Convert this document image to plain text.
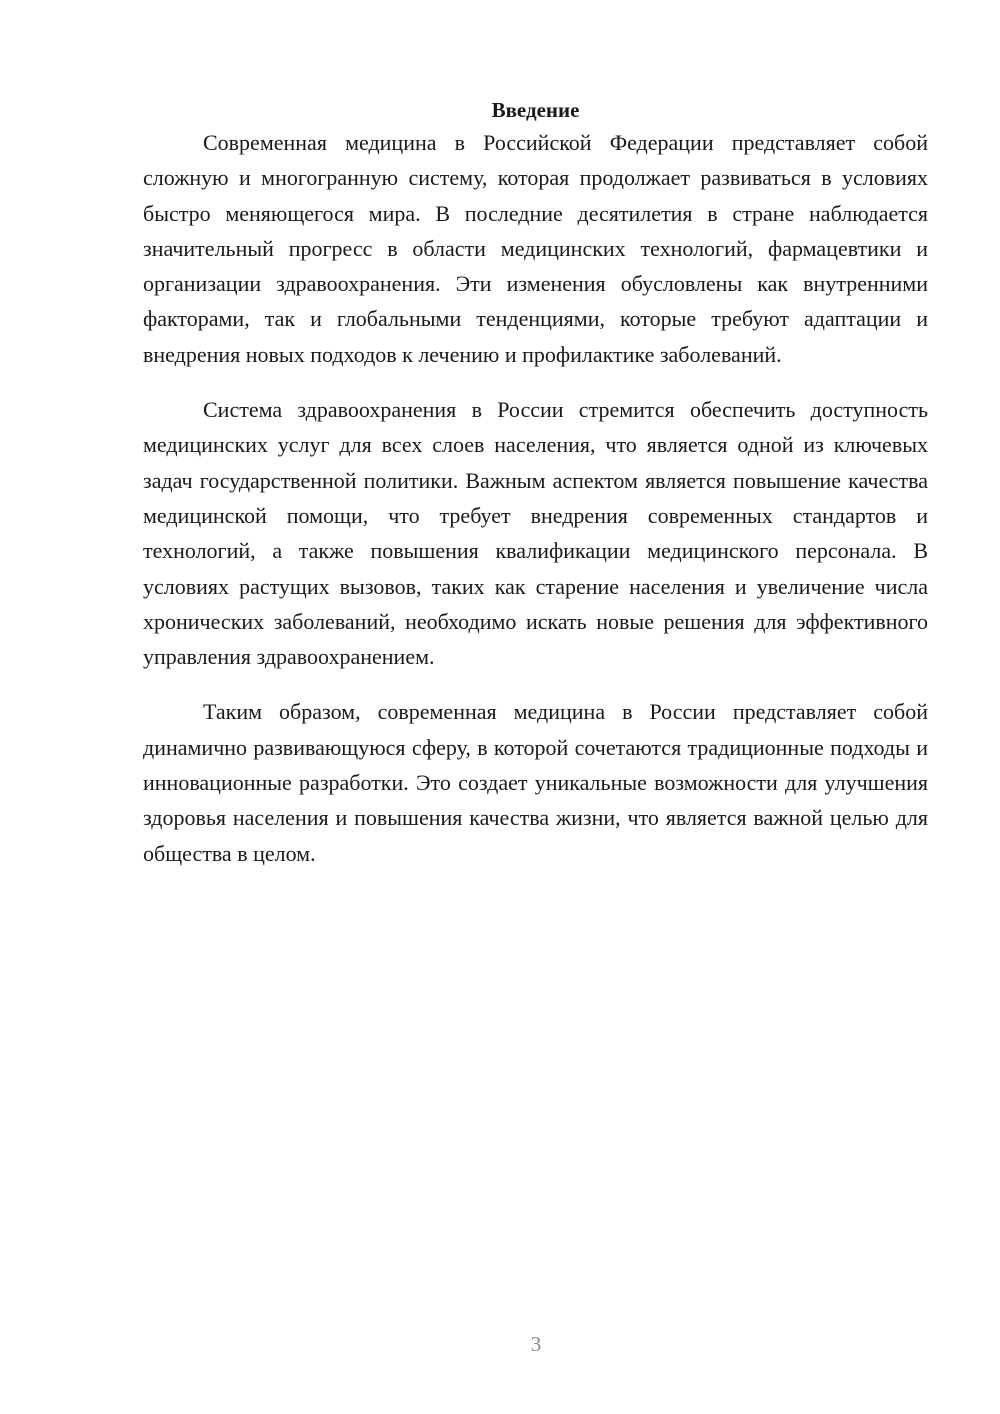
Введение

Современная медицина в Российской Федерации представляет собой сложную и многогранную систему, которая продолжает развиваться в условиях быстро меняющегося мира. В последние десятилетия в стране наблюдается значительный прогресс в области медицинских технологий, фармацевтики и организации здравоохранения. Эти изменения обусловлены как внутренними факторами, так и глобальными тенденциями, которые требуют адаптации и внедрения новых подходов к лечению и профилактике заболеваний.

Система здравоохранения в России стремится обеспечить доступность медицинских услуг для всех слоев населения, что является одной из ключевых задач государственной политики. Важным аспектом является повышение качества медицинской помощи, что требует внедрения современных стандартов и технологий, а также повышения квалификации медицинского персонала. В условиях растущих вызовов, таких как старение населения и увеличение числа хронических заболеваний, необходимо искать новые решения для эффективного управления здравоохранением.

Таким образом, современная медицина в России представляет собой динамично развивающуюся сферу, в которой сочетаются традиционные подходы и инновационные разработки. Это создает уникальные возможности для улучшения здоровья населения и повышения качества жизни, что является важной целью для общества в целом.

3
